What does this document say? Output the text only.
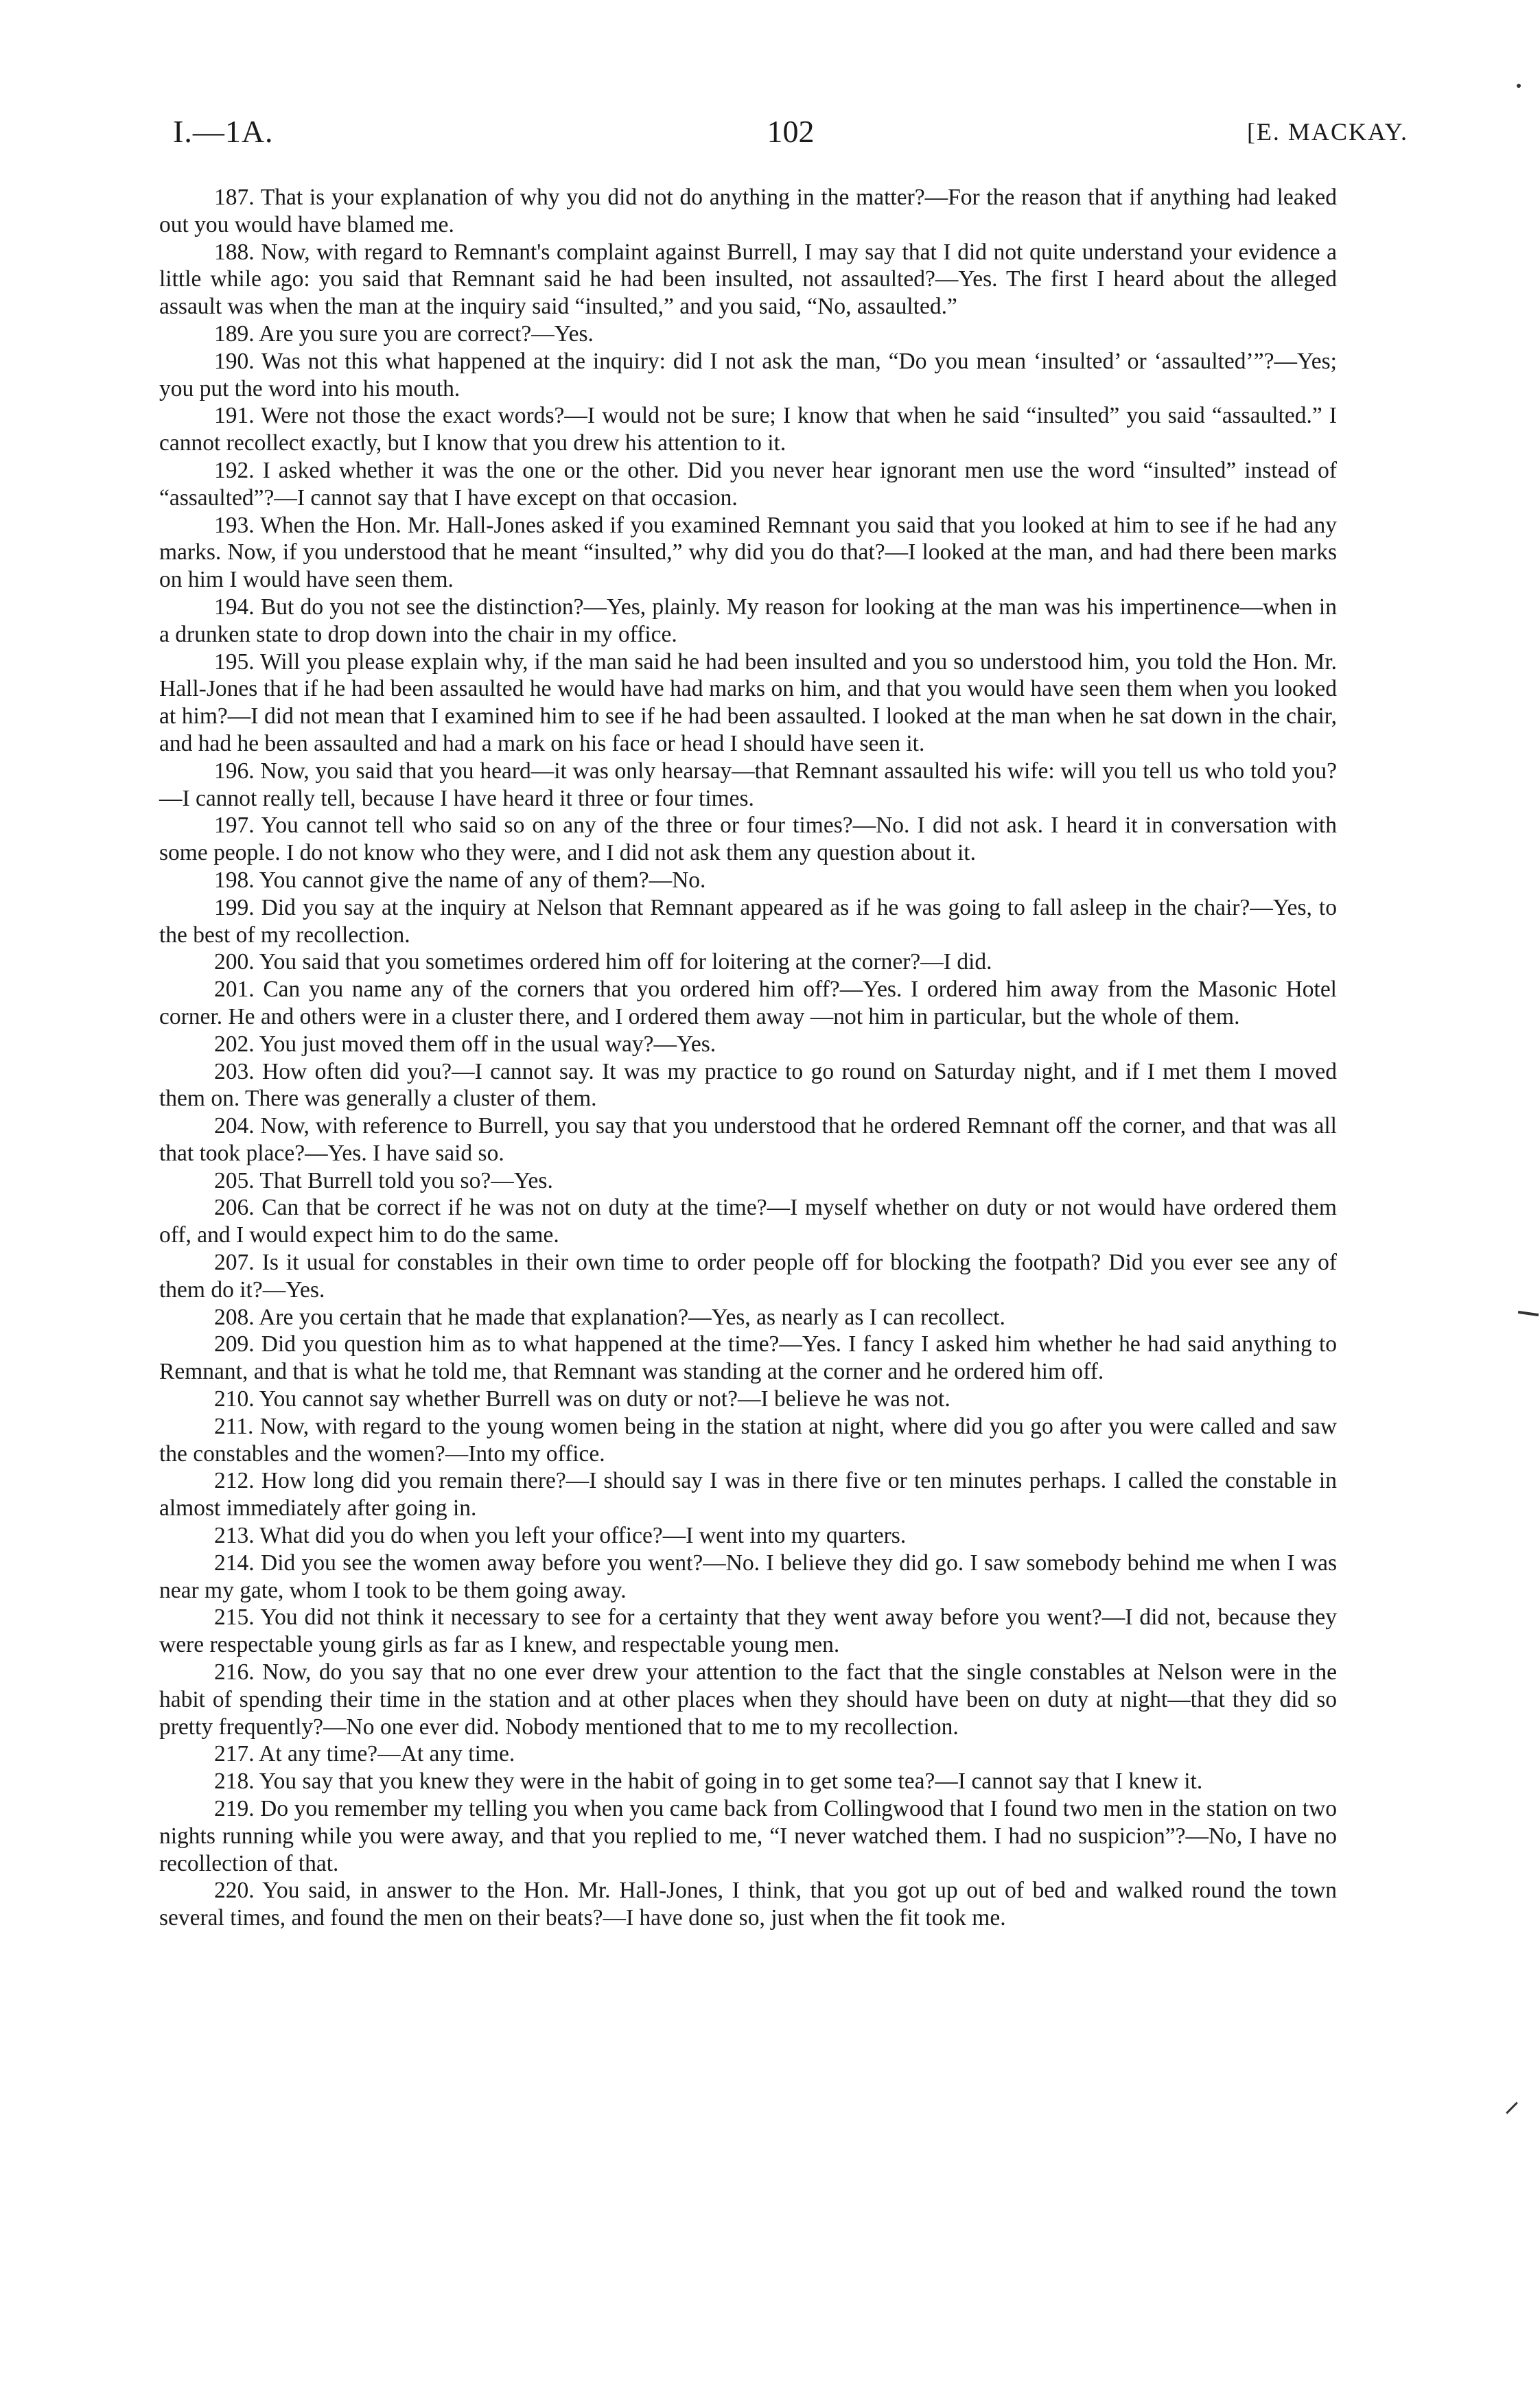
I.—1A.	102	[E. MACKAY.

187. That is your explanation of why you did not do anything in the matter?—For the reason that if anything had leaked out you would have blamed me.

188. Now, with regard to Remnant's complaint against Burrell, I may say that I did not quite understand your evidence a little while ago: you said that Remnant said he had been insulted, not assaulted?—Yes. The first I heard about the alleged assault was when the man at the inquiry said “insulted,” and you said, “No, assaulted.”

189. Are you sure you are correct?—Yes.

190. Was not this what happened at the inquiry: did I not ask the man, “Do you mean ‘insulted’ or ‘assaulted’”?—Yes; you put the word into his mouth.

191. Were not those the exact words?—I would not be sure; I know that when he said “insulted” you said “assaulted.” I cannot recollect exactly, but I know that you drew his attention to it.

192. I asked whether it was the one or the other. Did you never hear ignorant men use the word “insulted” instead of “assaulted”?—I cannot say that I have except on that occasion.

193. When the Hon. Mr. Hall-Jones asked if you examined Remnant you said that you looked at him to see if he had any marks. Now, if you understood that he meant “insulted,” why did you do that?—I looked at the man, and had there been marks on him I would have seen them.

194. But do you not see the distinction?—Yes, plainly. My reason for looking at the man was his impertinence—when in a drunken state to drop down into the chair in my office.

195. Will you please explain why, if the man said he had been insulted and you so understood him, you told the Hon. Mr. Hall-Jones that if he had been assaulted he would have had marks on him, and that you would have seen them when you looked at him?—I did not mean that I examined him to see if he had been assaulted. I looked at the man when he sat down in the chair, and had he been assaulted and had a mark on his face or head I should have seen it.

196. Now, you said that you heard—it was only hearsay—that Remnant assaulted his wife: will you tell us who told you?—I cannot really tell, because I have heard it three or four times.

197. You cannot tell who said so on any of the three or four times?—No. I did not ask. I heard it in conversation with some people. I do not know who they were, and I did not ask them any question about it.

198. You cannot give the name of any of them?—No.

199. Did you say at the inquiry at Nelson that Remnant appeared as if he was going to fall asleep in the chair?—Yes, to the best of my recollection.

200. You said that you sometimes ordered him off for loitering at the corner?—I did.

201. Can you name any of the corners that you ordered him off?—Yes. I ordered him away from the Masonic Hotel corner. He and others were in a cluster there, and I ordered them away —not him in particular, but the whole of them.

202. You just moved them off in the usual way?—Yes.

203. How often did you?—I cannot say. It was my practice to go round on Saturday night, and if I met them I moved them on. There was generally a cluster of them.

204. Now, with reference to Burrell, you say that you understood that he ordered Remnant off the corner, and that was all that took place?—Yes. I have said so.

205. That Burrell told you so?—Yes.

206. Can that be correct if he was not on duty at the time?—I myself whether on duty or not would have ordered them off, and I would expect him to do the same.

207. Is it usual for constables in their own time to order people off for blocking the footpath? Did you ever see any of them do it?—Yes.

208. Are you certain that he made that explanation?—Yes, as nearly as I can recollect.

209. Did you question him as to what happened at the time?—Yes. I fancy I asked him whether he had said anything to Remnant, and that is what he told me, that Remnant was standing at the corner and he ordered him off.

210. You cannot say whether Burrell was on duty or not?—I believe he was not.

211. Now, with regard to the young women being in the station at night, where did you go after you were called and saw the constables and the women?—Into my office.

212. How long did you remain there?—I should say I was in there five or ten minutes perhaps. I called the constable in almost immediately after going in.

213. What did you do when you left your office?—I went into my quarters.

214. Did you see the women away before you went?—No. I believe they did go. I saw somebody behind me when I was near my gate, whom I took to be them going away.

215. You did not think it necessary to see for a certainty that they went away before you went?—I did not, because they were respectable young girls as far as I knew, and respectable young men.

216. Now, do you say that no one ever drew your attention to the fact that the single constables at Nelson were in the habit of spending their time in the station and at other places when they should have been on duty at night—that they did so pretty frequently?—No one ever did. Nobody mentioned that to me to my recollection.

217. At any time?—At any time.

218. You say that you knew they were in the habit of going in to get some tea?—I cannot say that I knew it.

219. Do you remember my telling you when you came back from Collingwood that I found two men in the station on two nights running while you were away, and that you replied to me, “I never watched them. I had no suspicion”?—No, I have no recollection of that.

220. You said, in answer to the Hon. Mr. Hall-Jones, I think, that you got up out of bed and walked round the town several times, and found the men on their beats?—I have done so, just when the fit took me.
